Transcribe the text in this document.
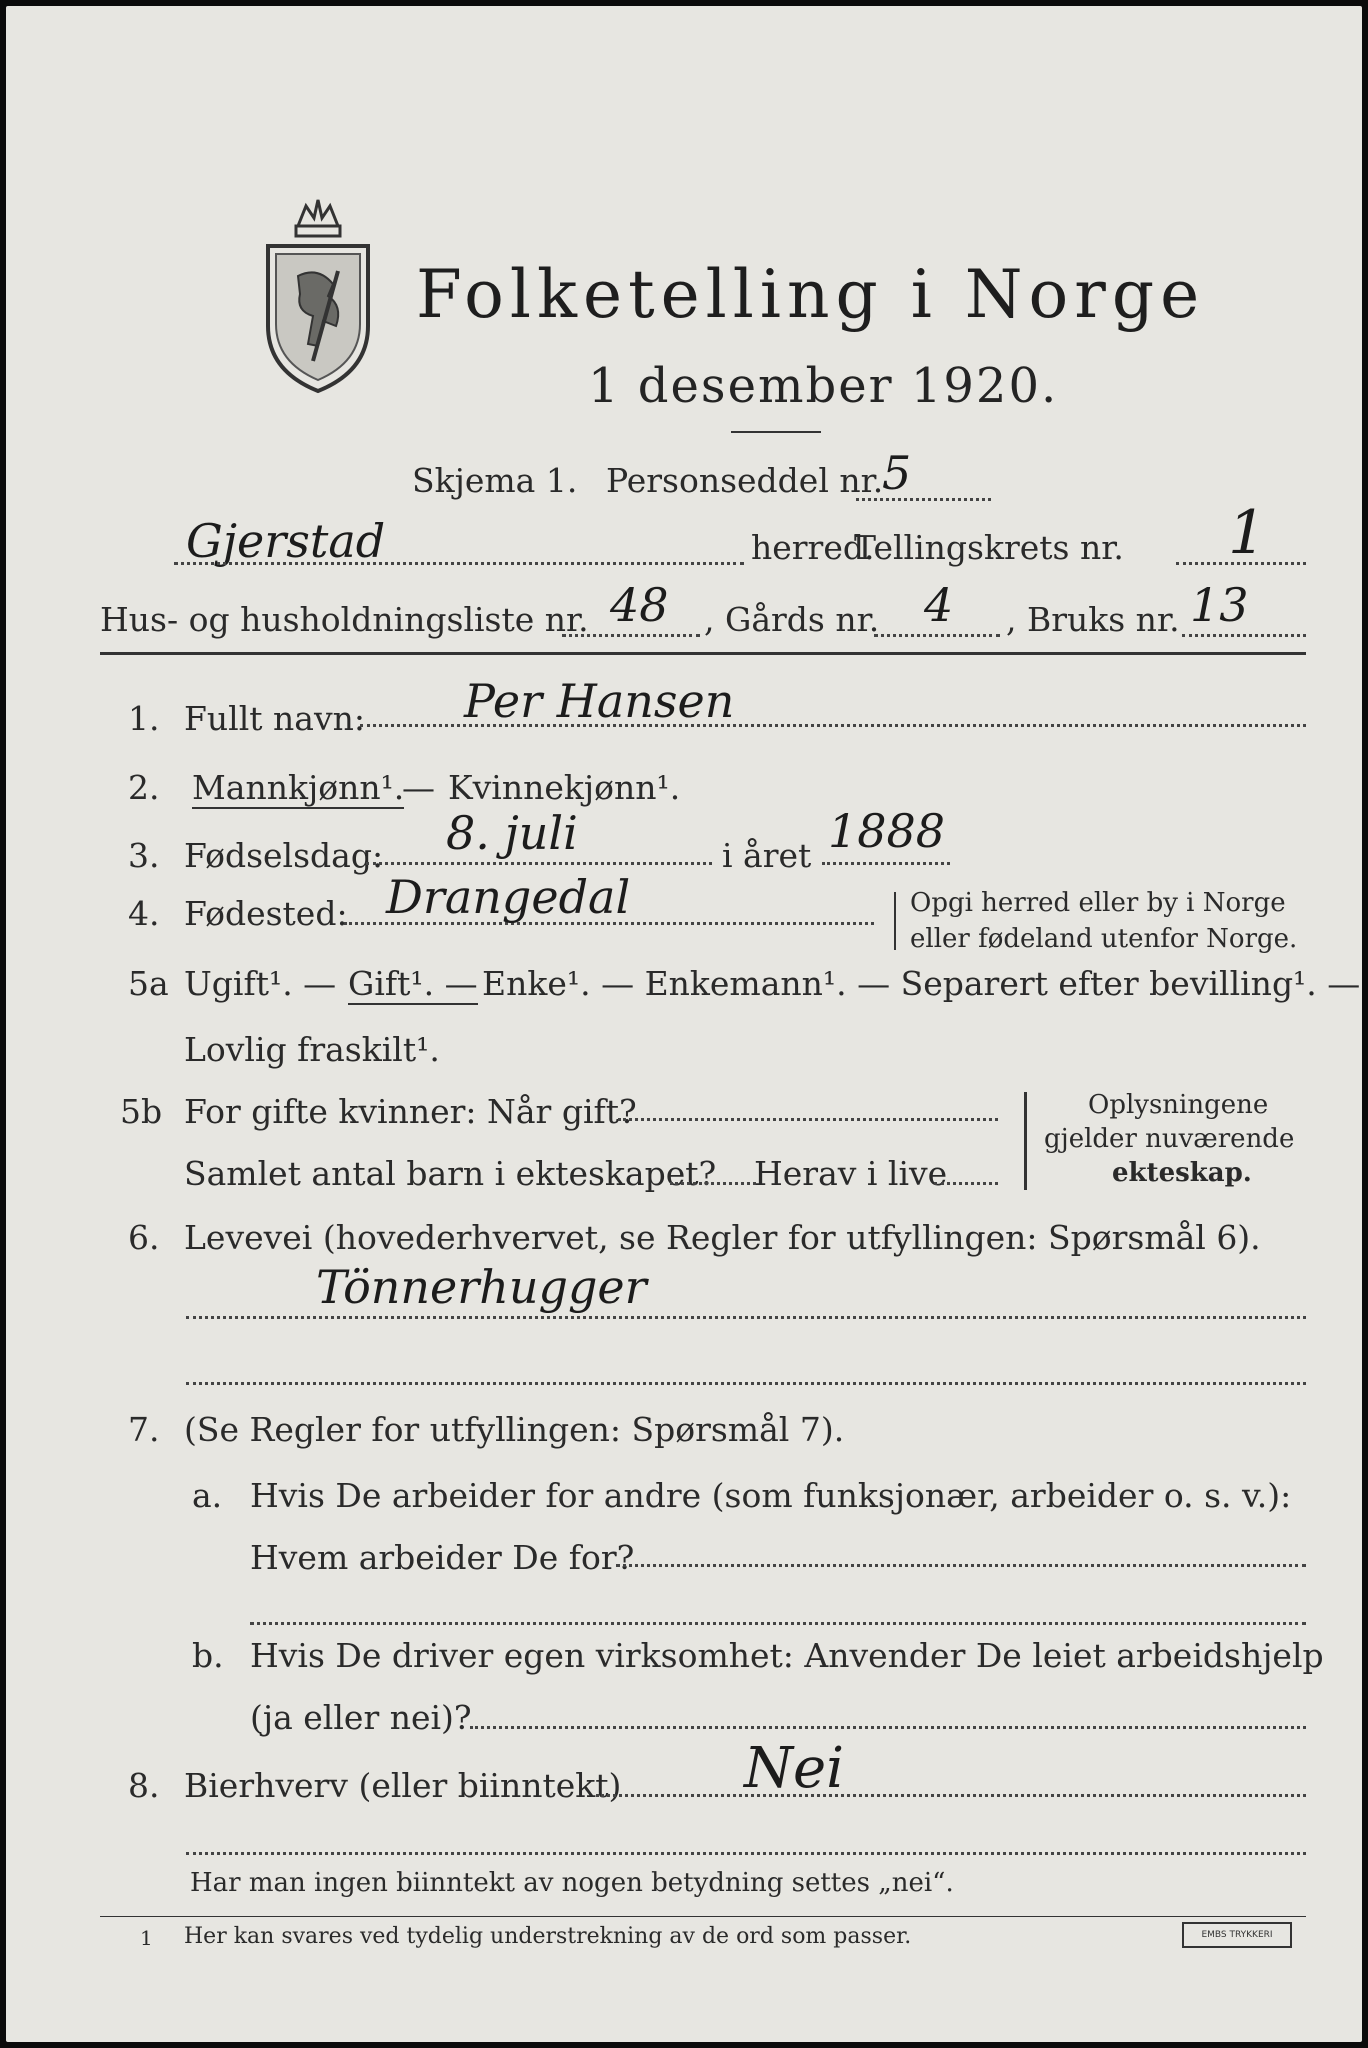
Folketelling i Norge
1 desember 1920.
Skjema 1. Personseddel nr.
5
Gjerstad	herred.
Tellingskrets nr. 1
Hus- og husholdningsliste nr. 48 , Gårds nr. 4 , Bruks nr. 13
1. Fullt navn: Per Hansen
2. Mannkjønn¹.
— Kvinnekjønn¹.
3. Fødselsdag: 8. juli	i året 1888
4. Fødested: Drangedal	Opgi herred eller by i Norge
eller fødeland utenfor Norge.
5a Ugift¹. — Gift¹. — Enke¹. — Enkemann¹. — Separert efter bevilling¹. —
Lovlig fraskilt¹.
5b For gifte kvinner: Når gift?
Samlet antal barn i ekteskapet? Herav i live
Oplysningene
gjelder nuværende
ekteskap.
6. Levevei (hovederhvervet, se Regler for utfyllingen: Spørsmål 6).
Tönnerhugger
7. (Se Regler for utfyllingen: Spørsmål 7).
a. Hvis De arbeider for andre (som funksjonær, arbeider o. s. v.):
Hvem arbeider De for?
b. Hvis De driver egen virksomhet: Anvender De leiet arbeidshjelp
(ja eller nei)?
8. Bierhverv (eller biinntekt) Nei
Har man ingen biinntekt av nogen betydning settes „nei“.
1 Her kan svares ved tydelig understrekning av de ord som passer.	EMBS TRYKKERI
